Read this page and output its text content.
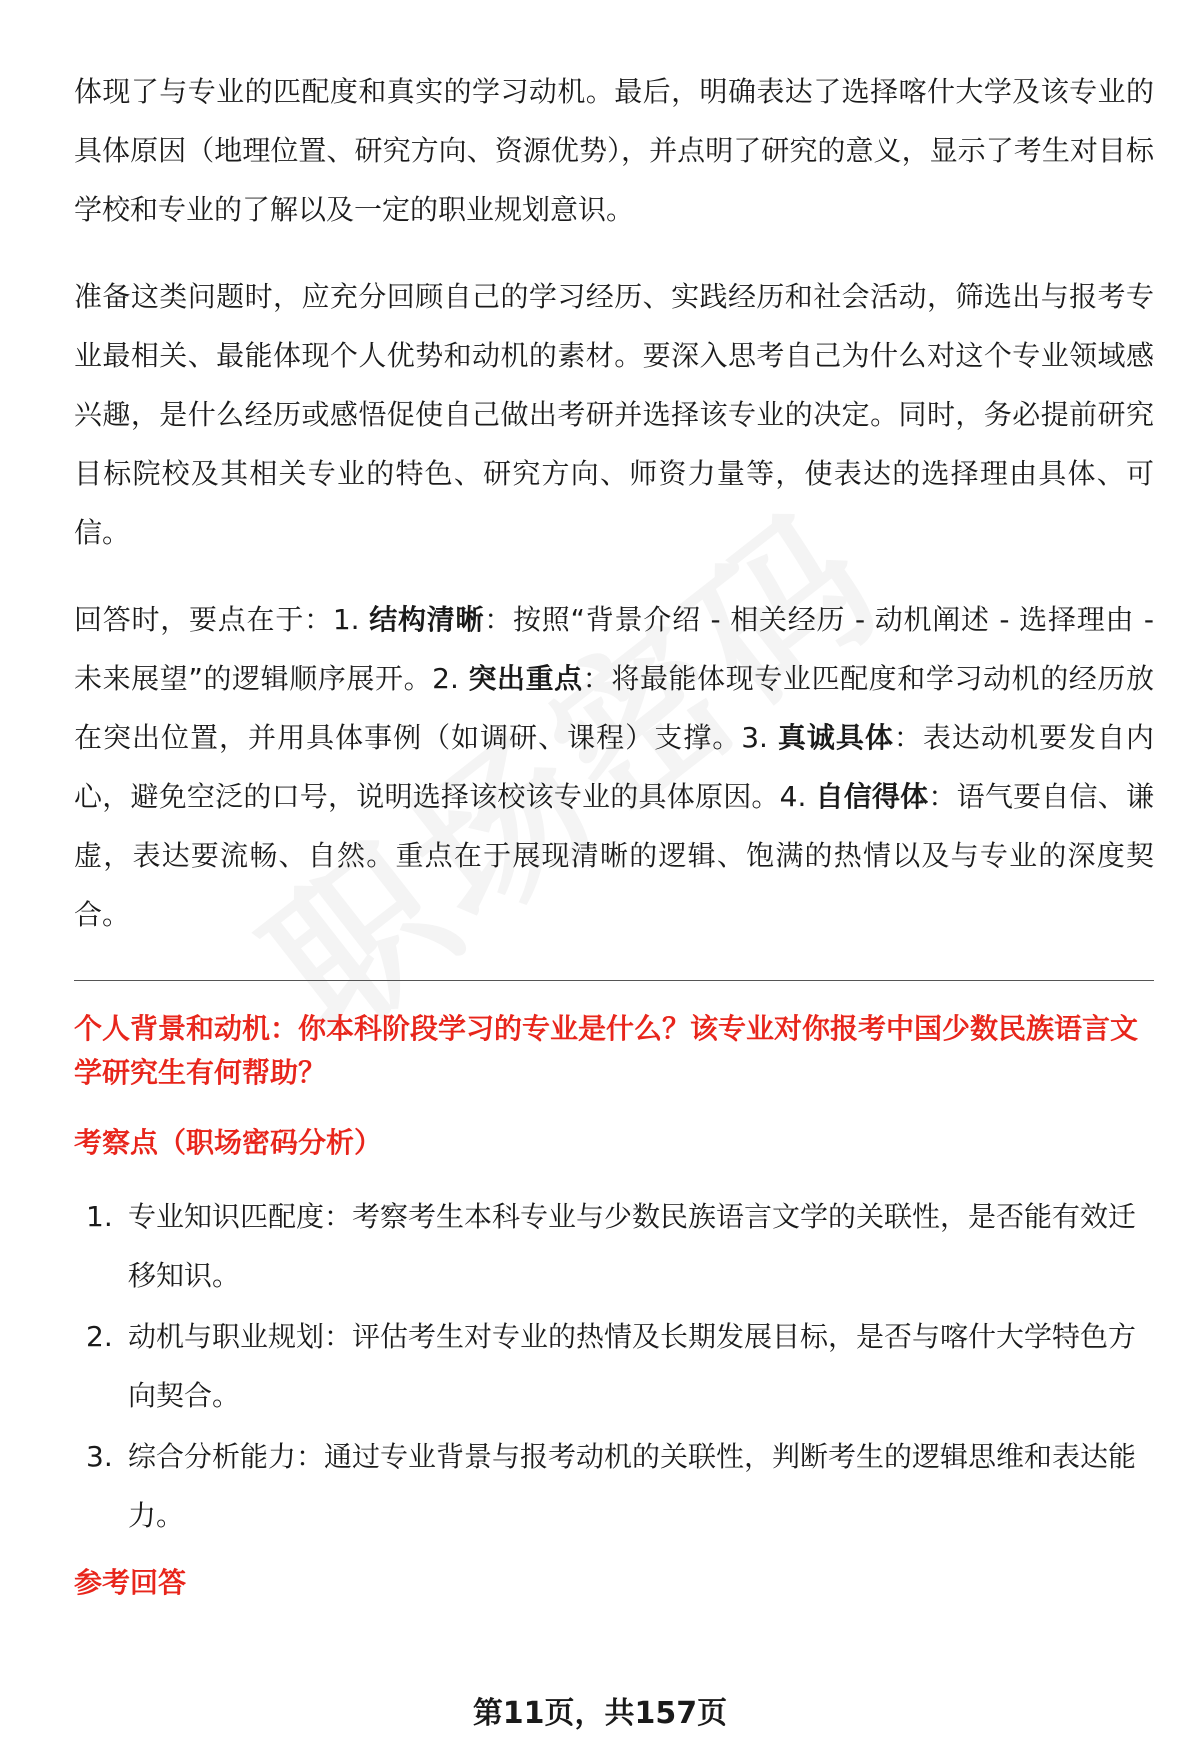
体现了与专业的匹配度和真实的学习动机。最后，明确表达了选择喀什大学及该专业的具体原因（地理位置、研究方向、资源优势），并点明了研究的意义，显示了考生对目标学校和专业的了解以及一定的职业规划意识。

准备这类问题时，应充分回顾自己的学习经历、实践经历和社会活动，筛选出与报考专业最相关、最能体现个人优势和动机的素材。要深入思考自己为什么对这个专业领域感兴趣，是什么经历或感悟促使自己做出考研并选择该专业的决定。同时，务必提前研究目标院校及其相关专业的特色、研究方向、师资力量等，使表达的选择理由具体、可信。

回答时，要点在于：1. 结构清晰：按照“背景介绍 - 相关经历 - 动机阐述 - 选择理由 - 未来展望”的逻辑顺序展开。2. 突出重点：将最能体现专业匹配度和学习动机的经历放在突出位置，并用具体事例（如调研、课程）支撑。3. 真诚具体：表达动机要发自内心，避免空泛的口号，说明选择该校该专业的具体原因。4. 自信得体：语气要自信、谦虚，表达要流畅、自然。重点在于展现清晰的逻辑、饱满的热情以及与专业的深度契合。

个人背景和动机：你本科阶段学习的专业是什么？该专业对你报考中国少数民族语言文学研究生有何帮助？
考察点（职场密码分析）
1. 专业知识匹配度：考察考生本科专业与少数民族语言文学的关联性，是否能有效迁移知识。
2. 动机与职业规划：评估考生对专业的热情及长期发展目标，是否与喀什大学特色方向契合。
3. 综合分析能力：通过专业背景与报考动机的关联性，判断考生的逻辑思维和表达能力。
参考回答
第11页，共157页
